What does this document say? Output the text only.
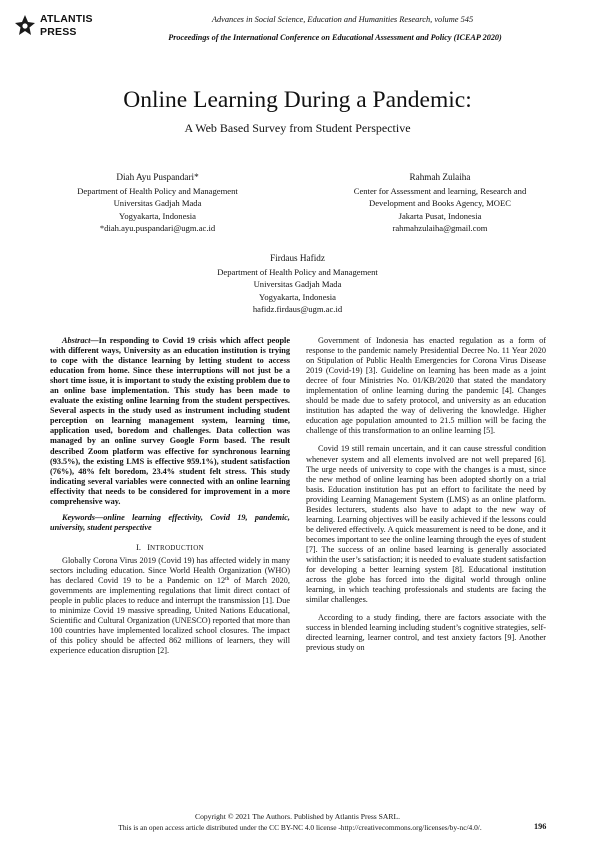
ATLANTIS
PRESS
Advances in Social Science, Education and Humanities Research, volume 545
Proceedings of the International Conference on Educational Assessment and Policy (ICEAP 2020)
Online Learning During a Pandemic:
A Web Based Survey from Student Perspective
Diah Ayu Puspandari*
Department of Health Policy and Management
Universitas Gadjah Mada
Yogyakarta, Indonesia
*diah.ayu.puspandari@ugm.ac.id
Rahmah Zulaiha
Center for Assessment and learning, Research and
Development and Books Agency, MOEC
Jakarta Pusat, Indonesia
rahmahzulaiha@gmail.com
Firdaus Hafidz
Department of Health Policy and Management
Universitas Gadjah Mada
Yogyakarta, Indonesia
hafidz.firdaus@ugm.ac.id

Abstract—In responding to Covid 19 crisis which affect people with different ways, University as an education institution is trying to cope with the distance learning by letting student to access education from home. Since these interruptions will not just be a short time issue, it is important to study the existing problem due to an online base implementation. This study has been made to evaluate the existing online learning from the student perspectives. Several aspects in the study used as instrument including student perception on learning management system, learning time, application used, boredom and challenges. Data collection was managed by an online survey Google Form based. The result described Zoom platform was effective for synchronous learning (93.5%), the existing LMS is effective 959.1%), student satisfaction (76%), 48% felt boredom, 23.4% student felt stress. This study indicating several variables were connected with an online learning effectivity that needs to be considered for improvement in a more comprehensive way.

Keywords—online learning effectivity, Covid 19, pandemic, university, student perspective

I. INTRODUCTION

Globally Corona Virus 2019 (Covid 19) has affected widely in many sectors including education. Since World Health Organization (WHO) has declared Covid 19 to be a Pandemic on 12th of March 2020, governments are implementing regulations that limit direct contact of people in public places to reduce and interrupt the transmission [1]. Due to minimize Covid 19 massive spreading, United Nations Educational, Scientific and Cultural Organization (UNESCO) reported that more than 100 countries have implemented localized school closures. The impact of this policy should be affected 862 millions of learners, they will experience education disruption [2].

Government of Indonesia has enacted regulation as a form of response to the pandemic namely Presidential Decree No. 11 Year 2020 on Stipulation of Public Health Emergencies for Corona Virus Disease 2019 (Covid-19) [3]. Guideline on learning has been made as a joint decree of four Ministries No. 01/KB/2020 that stated the mandatory implementation of online learning during the pandemic [4]. Changes should be made due to safety protocol, and university as an education institution has adapted the way of delivering the knowledge. Higher education age population amounted to 21.5 million will be facing the challenge of this transformation to an online learning [5].

Covid 19 still remain uncertain, and it can cause stressful condition whenever system and all elements involved are not well prepared [6]. The urge needs of university to cope with the changes is a must, since the new method of online learning has been adopted shortly on a trial basis. Education institution has put an effort to facilitate the need by providing Learning Management System (LMS) as an online platform. Besides lecturers, students also have to adapt to the new way of learning. Learning objectives will be easily achieved if the lessons could be delivered effectively. A quick measurement is need to be done, and it becomes important to see the online learning through the eyes of student [7]. The success of an online based learning is generally associated within the user’s satisfaction; it is needed to evaluate student satisfaction for developing a better learning system [8]. Educational institution across the globe has forced into the digital world through online learning, in which teaching professionals and students are facing the similar challenges.

According to a study finding, there are factors associate with the success in blended learning including student’s cognitive strategies, self-directed learning, learner control, and test anxiety factors [9]. Another previous study on

Copyright © 2021 The Authors. Published by Atlantis Press SARL.
This is an open access article distributed under the CC BY-NC 4.0 license -http://creativecommons.org/licenses/by-nc/4.0/.	196
